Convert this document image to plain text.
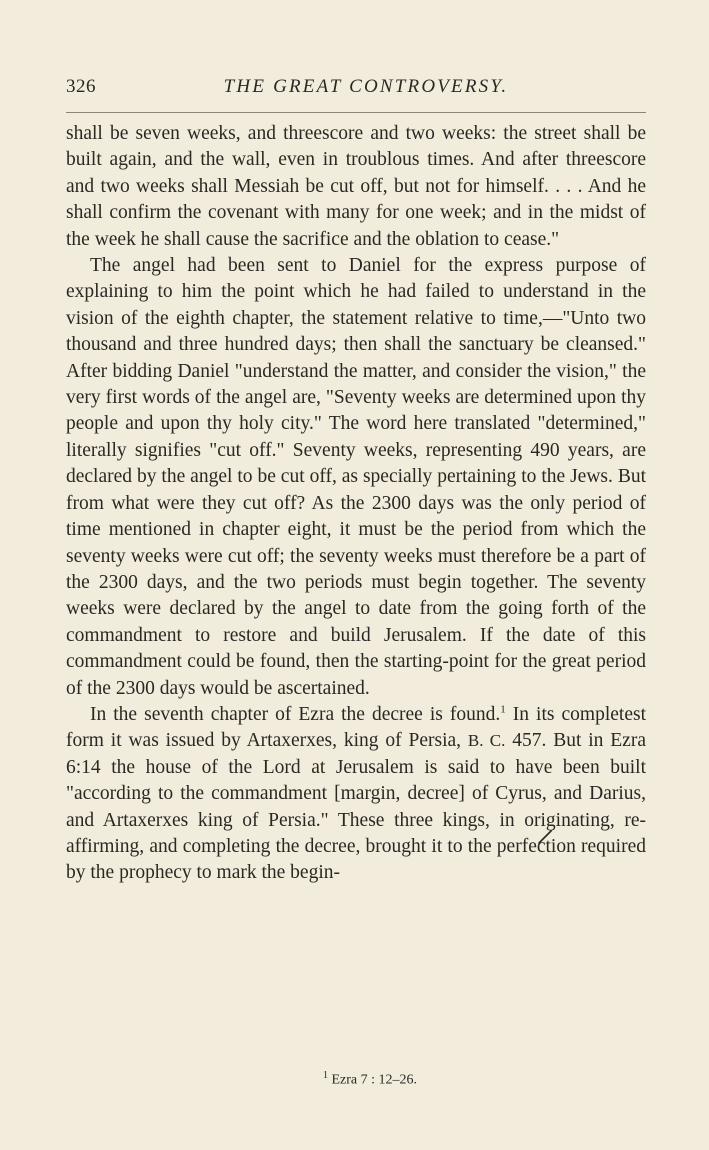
326	THE GREAT CONTROVERSY.

shall be seven weeks, and threescore and two weeks: the street shall be built again, and the wall, even in troublous times. And after threescore and two weeks shall Messiah be cut off, but not for himself. . . . And he shall confirm the covenant with many for one week; and in the midst of the week he shall cause the sacrifice and the oblation to cease."

The angel had been sent to Daniel for the express purpose of explaining to him the point which he had failed to understand in the vision of the eighth chapter, the statement relative to time,—"Unto two thousand and three hundred days; then shall the sanctuary be cleansed." After bidding Daniel "understand the matter, and consider the vision," the very first words of the angel are, "Seventy weeks are determined upon thy people and upon thy holy city." The word here translated "determined," literally signifies "cut off." Seventy weeks, representing 490 years, are declared by the angel to be cut off, as specially pertaining to the Jews. But from what were they cut off? As the 2300 days was the only period of time mentioned in chapter eight, it must be the period from which the seventy weeks were cut off; the seventy weeks must therefore be a part of the 2300 days, and the two periods must begin together. The seventy weeks were declared by the angel to date from the going forth of the commandment to restore and build Jerusalem. If the date of this commandment could be found, then the starting-point for the great period of the 2300 days would be ascertained.

In the seventh chapter of Ezra the decree is found.$^1$ In its completest form it was issued by Artaxerxes, king of Persia, B. C. 457. But in Ezra 6:14 the house of the Lord at Jerusalem is said to have been built "according to the commandment [margin, decree] of Cyrus, and Darius, and Artaxerxes king of Persia." These three kings, in originating, re-affirming, and completing the decree, brought it to the perfection required by the prophecy to mark the begin-

$^1$ Ezra 7 : 12–26.
